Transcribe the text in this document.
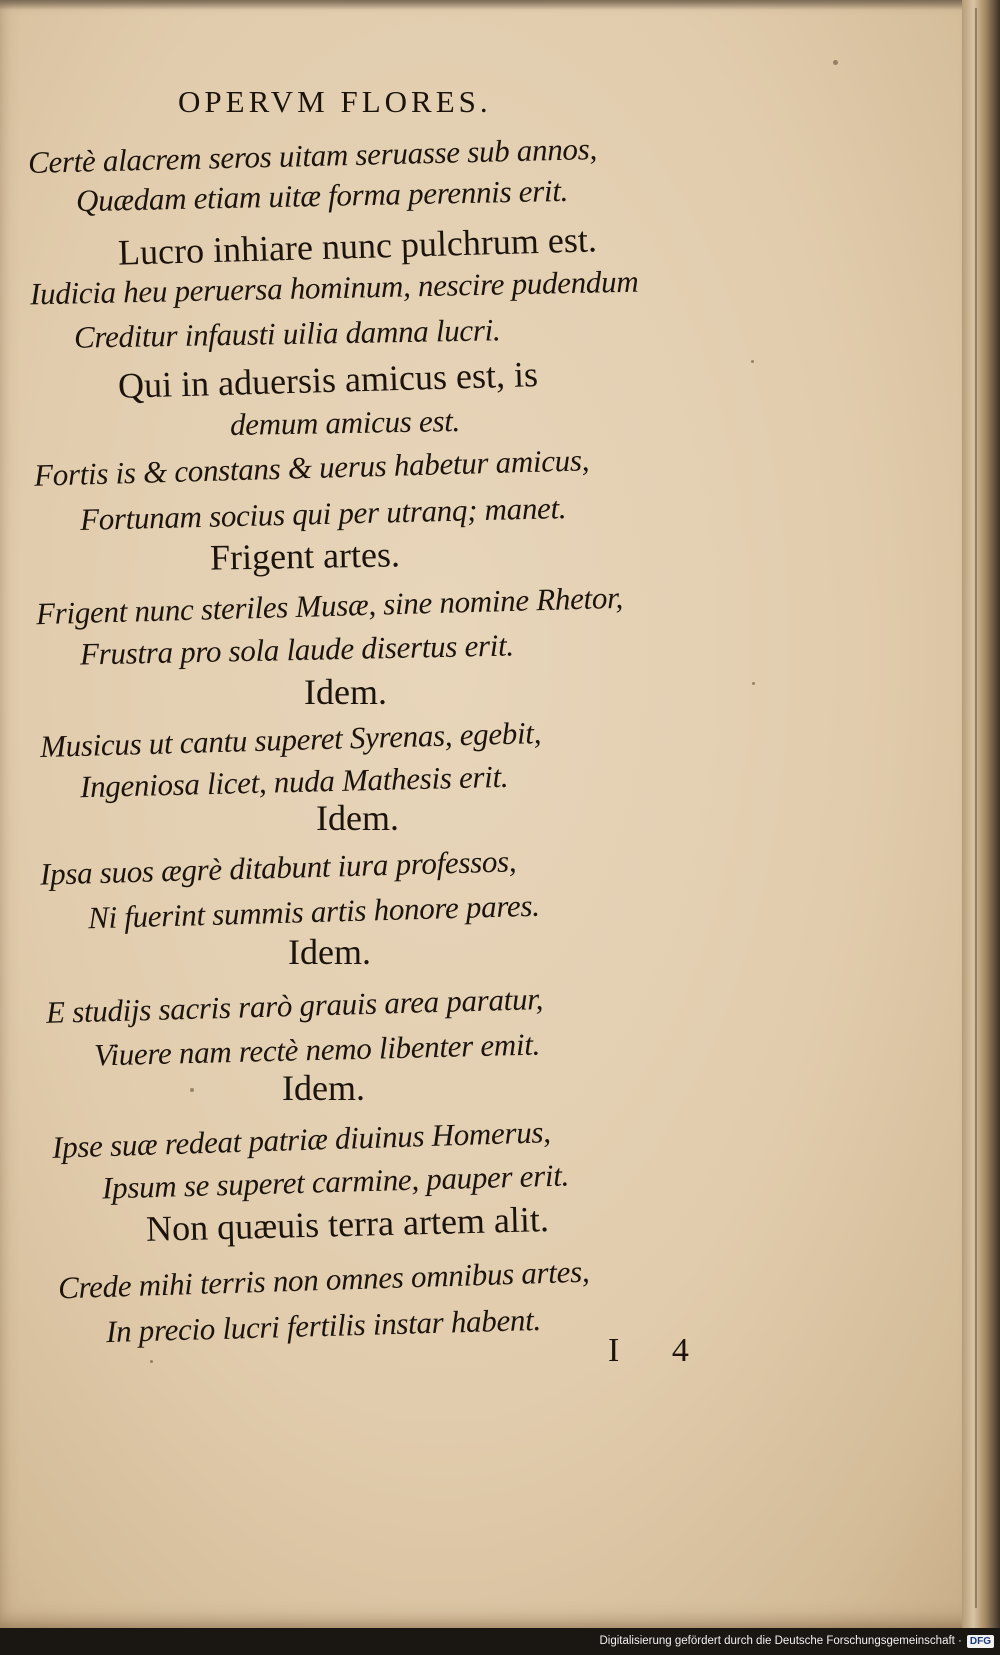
OPERVM FLORES.
Certè alacrem seros uitam seruasse sub annos,
Quædam etiam uitæ forma perennis erit.
Lucro inhiare nunc pulchrum est.
Iudicia heu peruersa hominum, nescire pudendum
Creditur infausti uilia damna lucri.
Qui in aduersis amicus est, is
demum amicus est.
Fortis is & constans & uerus habetur amicus,
Fortunam socius qui per utranq; manet.
Frigent artes.
Frigent nunc steriles Musæ, sine nomine Rhetor,
Frustra pro sola laude disertus erit.
Idem.
Musicus ut cantu superet Syrenas, egebit,
Ingeniosa licet, nuda Mathesis erit.
Idem.
Ipsa suos ægrè ditabunt iura professos,
Ni fuerint summis artis honore pares.
Idem.
E studijs sacris rarò grauis area paratur,
Viuere nam rectè nemo libenter emit.
Idem.
Ipse suæ redeat patriæ diuinus Homerus,
Ipsum se superet carmine, pauper erit.
Non quæuis terra artem alit.
Crede mihi terris non omnes omnibus artes,
In precio lucri fertilis instar habent.
I 4
Digitalisierung gefördert durch die Deutsche Forschungsgemeinschaft · DFG
